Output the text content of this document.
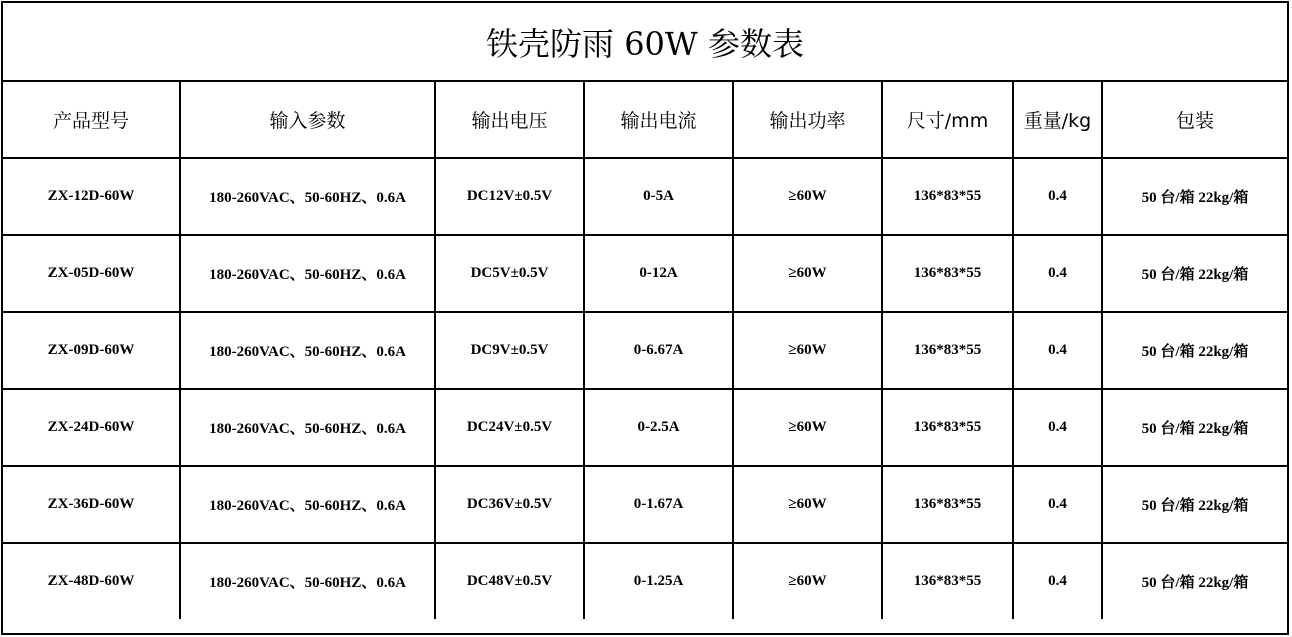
铁壳防雨 60W 参数表
产品型号	输入参数	输出电压	输出电流	输出功率	尺寸/mm	重量/kg	包装
ZX-12D-60W	180-260VAC、50-60HZ、0.6A	DC12V±0.5V	0-5A	≥60W	136*83*55	0.4	50 台/箱 22kg/箱
ZX-05D-60W	180-260VAC、50-60HZ、0.6A	DC5V±0.5V	0-12A	≥60W	136*83*55	0.4	50 台/箱 22kg/箱
ZX-09D-60W	180-260VAC、50-60HZ、0.6A	DC9V±0.5V	0-6.67A	≥60W	136*83*55	0.4	50 台/箱 22kg/箱
ZX-24D-60W	180-260VAC、50-60HZ、0.6A	DC24V±0.5V	0-2.5A	≥60W	136*83*55	0.4	50 台/箱 22kg/箱
ZX-36D-60W	180-260VAC、50-60HZ、0.6A	DC36V±0.5V	0-1.67A	≥60W	136*83*55	0.4	50 台/箱 22kg/箱
ZX-48D-60W	180-260VAC、50-60HZ、0.6A	DC48V±0.5V	0-1.25A	≥60W	136*83*55	0.4	50 台/箱 22kg/箱
